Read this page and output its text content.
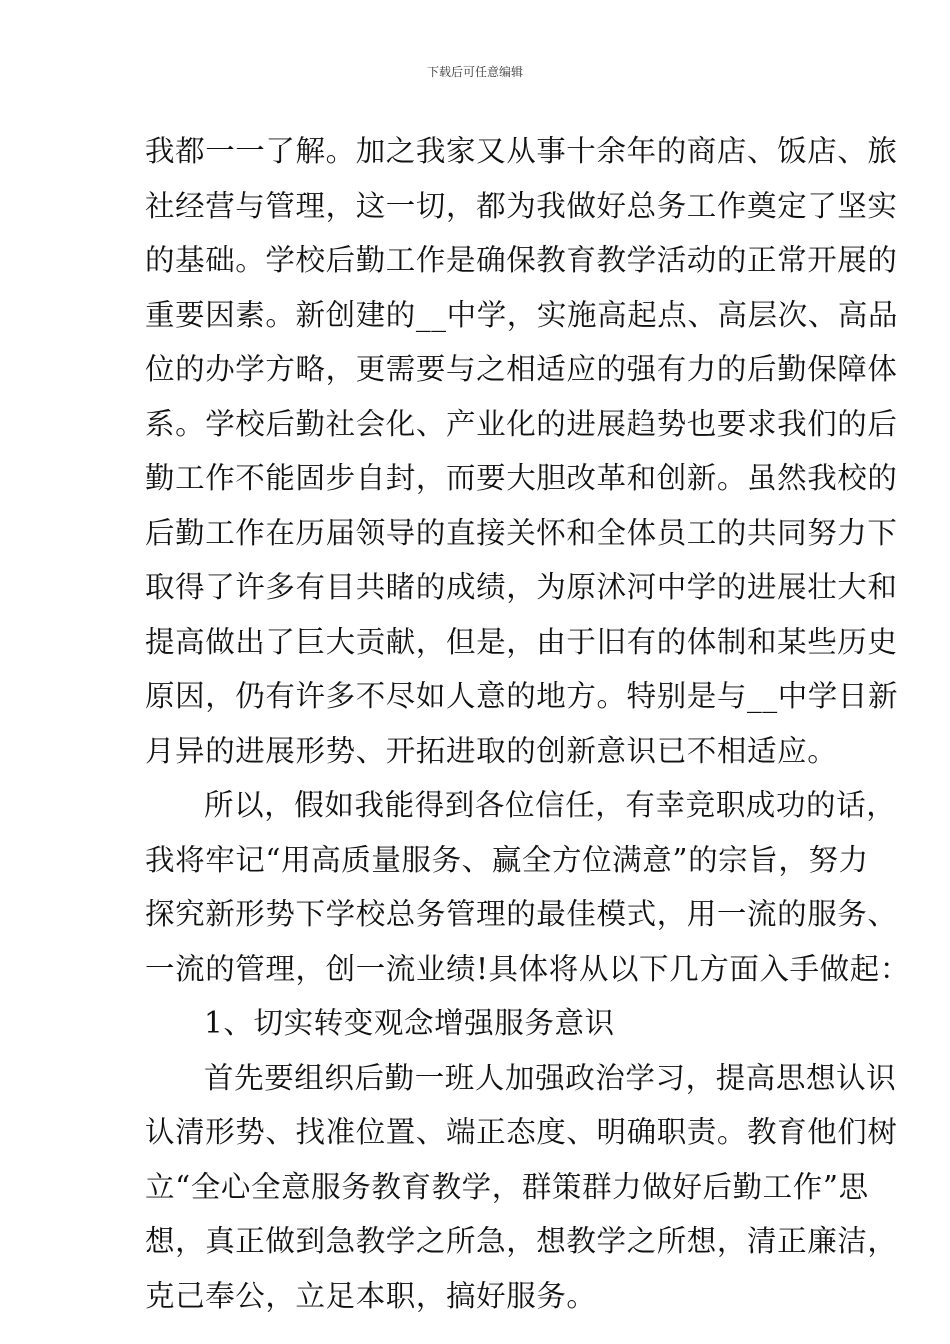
下载后可任意编辑
我都一一了解。加之我家又从事十余年的商店、饭店、旅
社经营与管理，这一切，都为我做好总务工作奠定了坚实
的基础。学校后勤工作是确保教育教学活动的正常开展的
重要因素。新创建的__中学，实施高起点、高层次、高品
位的办学方略，更需要与之相适应的强有力的后勤保障体
系。学校后勤社会化、产业化的进展趋势也要求我们的后
勤工作不能固步自封，而要大胆改革和创新。虽然我校的
后勤工作在历届领导的直接关怀和全体员工的共同努力下
取得了许多有目共睹的成绩，为原沭河中学的进展壮大和
提高做出了巨大贡献，但是，由于旧有的体制和某些历史
原因，仍有许多不尽如人意的地方。特别是与__中学日新
月异的进展形势、开拓进取的创新意识已不相适应。
所以，假如我能得到各位信任，有幸竞职成功的话，
我将牢记“用高质量服务、赢全方位满意”的宗旨，努力
探究新形势下学校总务管理的最佳模式，用一流的服务、
一流的管理，创一流业绩!具体将从以下几方面入手做起：
1、切实转变观念增强服务意识
首先要组织后勤一班人加强政治学习，提高思想认识
认清形势、找准位置、端正态度、明确职责。教育他们树
立“全心全意服务教育教学，群策群力做好后勤工作”思
想，真正做到急教学之所急，想教学之所想，清正廉洁，
克己奉公，立足本职，搞好服务。
